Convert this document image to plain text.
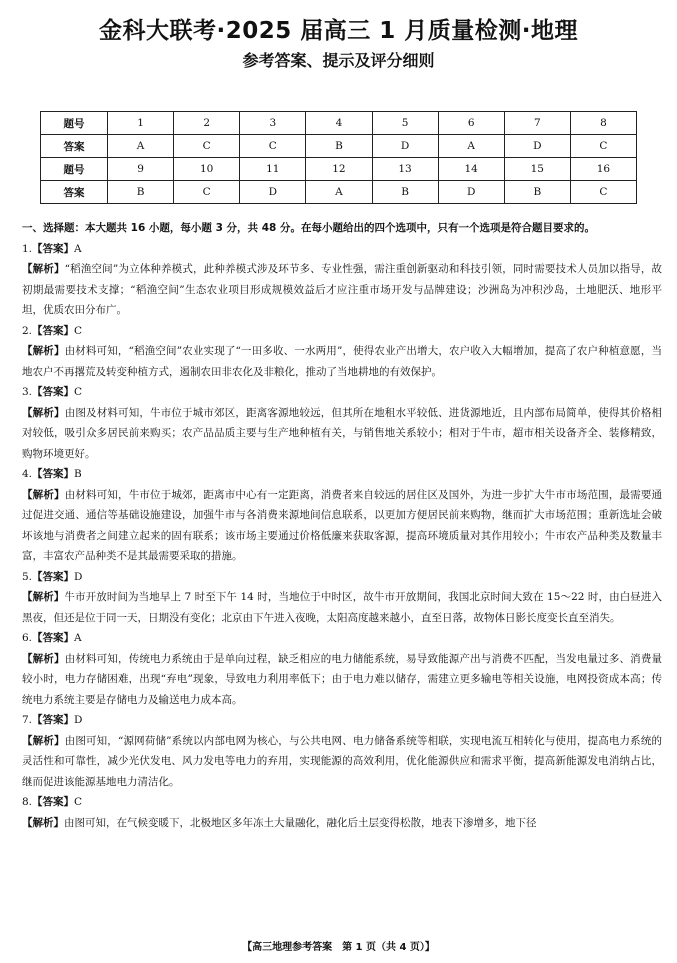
金科大联考·2025 届高三 1 月质量检测·地理
参考答案、提示及评分细则
题号	1	2	3	4	5	6	7	8
答案	A	C	C	B	D	A	D	C
题号	9	10	11	12	13	14	15	16
答案	B	C	D	A	B	D	B	C
一、选择题：本大题共 16 小题，每小题 3 分，共 48 分。在每小题给出的四个选项中，只有一个选项是符合题目要求的。
1.【答案】A
【解析】“稻渔空间”为立体种养模式，此种养模式涉及环节多、专业性强，需注重创新驱动和科技引领，同时需要技术人员加以指导，故初期最需要技术支撑；“稻渔空间”生态农业项目形成规模效益后才应注重市场开发与品牌建设；沙洲岛为冲积沙岛，土地肥沃、地形平坦，优质农田分布广。
2.【答案】C
【解析】由材料可知，“稻渔空间”农业实现了“一田多收、一水两用”，使得农业产出增大，农户收入大幅增加，提高了农户种植意愿，当地农户不再撂荒及转变种植方式，遏制农田非农化及非粮化，推动了当地耕地的有效保护。
3.【答案】C
【解析】由图及材料可知，牛市位于城市郊区，距离客源地较远，但其所在地租水平较低、进货源地近，且内部布局简单，使得其价格相对较低，吸引众多居民前来购买；农产品品质主要与生产地种植有关，与销售地关系较小；相对于牛市，超市相关设备齐全、装修精致，购物环境更好。
4.【答案】B
【解析】由材料可知，牛市位于城郊，距离市中心有一定距离，消费者来自较远的居住区及国外，为进一步扩大牛市市场范围，最需要通过促进交通、通信等基础设施建设，加强牛市与各消费来源地间信息联系，以更加方便居民前来购物，继而扩大市场范围；重新选址会破坏该地与消费者之间建立起来的固有联系；该市场主要通过价格低廉来获取客源，提高环境质量对其作用较小；牛市农产品种类及数量丰富，丰富农产品种类不是其最需要采取的措施。
5.【答案】D
【解析】牛市开放时间为当地早上 7 时至下午 14 时，当地位于中时区，故牛市开放期间，我国北京时间大致在 15～22 时，由白昼进入黑夜，但还是位于同一天，日期没有变化；北京由下午进入夜晚，太阳高度越来越小，直至日落，故物体日影长度变长直至消失。
6.【答案】A
【解析】由材料可知，传统电力系统由于是单向过程，缺乏相应的电力储能系统，易导致能源产出与消费不匹配，当发电量过多、消费量较小时，电力存储困难，出现“弃电”现象，导致电力利用率低下；由于电力难以储存，需建立更多输电等相关设施，电网投资成本高；传统电力系统主要是存储电力及输送电力成本高。
7.【答案】D
【解析】由图可知，“源网荷储”系统以内部电网为核心，与公共电网、电力储备系统等相联，实现电流互相转化与使用，提高电力系统的灵活性和可靠性，减少光伏发电、风力发电等电力的弃用，实现能源的高效利用，优化能源供应和需求平衡，提高新能源发电消纳占比，继而促进该能源基地电力清洁化。
8.【答案】C
【解析】由图可知，在气候变暖下，北极地区多年冻土大量融化，融化后土层变得松散，地表下渗增多，地下径
【高三地理参考答案　第 1 页（共 4 页）】
